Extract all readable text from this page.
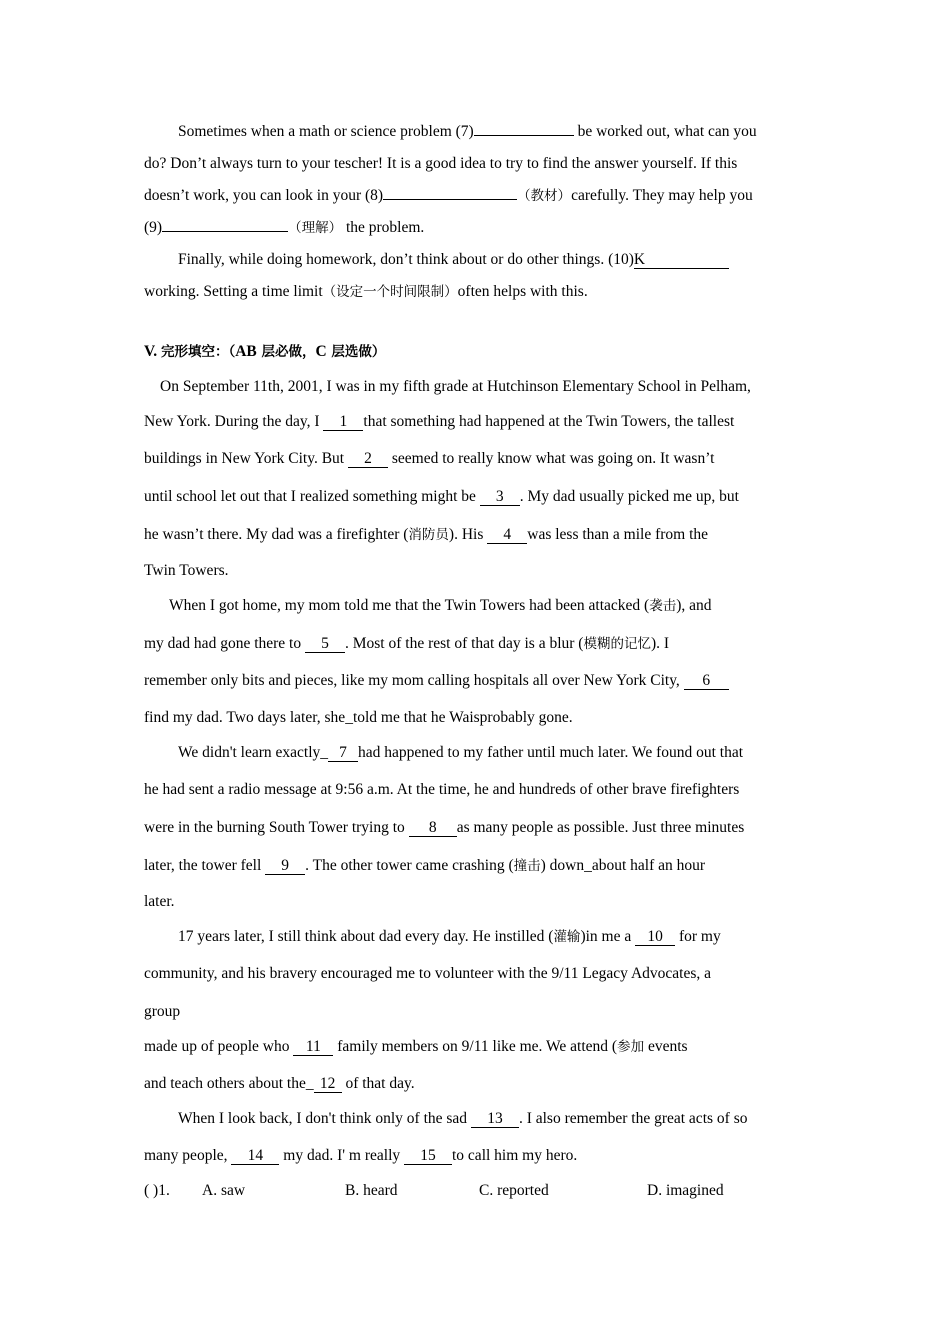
Sometimes when a math or science problem (7)	be worked out, what can you
do? Don’t always turn to your tescher! It is a good idea to try to find the answer yourself. If this
doesn’t work, you can look in your (8)	（教材）carefully. They may help you
(9)	（理解） the problem.
Finally, while doing homework, don’t think about or do other things. (10)K
working. Setting a time limit（设定一个时间限制）often helps with this.
V. 完形填空：（AB 层必做，C 层选做）
On September 11th, 2001, I was in my fifth grade at Hutchinson Elementary School in Pelham,
New York. During the day, I 1 that something had happened at the Twin Towers, the tallest
buildings in New York City. But 2 seemed to really know what was going on. It wasn’t
until school let out that I realized something might be 3 . My dad usually picked me up, but
he wasn’t there. My dad was a firefighter (消防员). His 4 was less than a mile from the
Twin Towers.
When I got home, my mom told me that the Twin Towers had been attacked (袭击), and
my dad had gone there to 5 . Most of the rest of that day is a blur (模糊的记忆). I
remember only bits and pieces, like my mom calling hospitals all over New York City, 6
find my dad. Two days later, she_told me that he Waisprobably gone.
We didn't learn exactly_ 7 had happened to my father until much later. We found out that
he had sent a radio message at 9:56 a.m. At the time, he and hundreds of other brave firefighters
were in the burning South Tower trying to 8 as many people as possible. Just three minutes
later, the tower fell 9 . The other tower came crashing (撞击) down_about half an hour
later.
17 years later, I still think about dad every day. He instilled (灌输)in me a 10 for my
community, and his bravery encouraged me to volunteer with the 9/11 Legacy Advocates, a
group
made up of people who 11 family members on 9/11 like me. We attend (参加 events
and teach others about the_ 12 of that day.
When I look back, I don't think only of the sad 13 . I also remember the great acts of so
many people, 14 my dad. I' m really 15 to call him my hero.
( )1. A. saw	B. heard	C. reported	D. imagined
